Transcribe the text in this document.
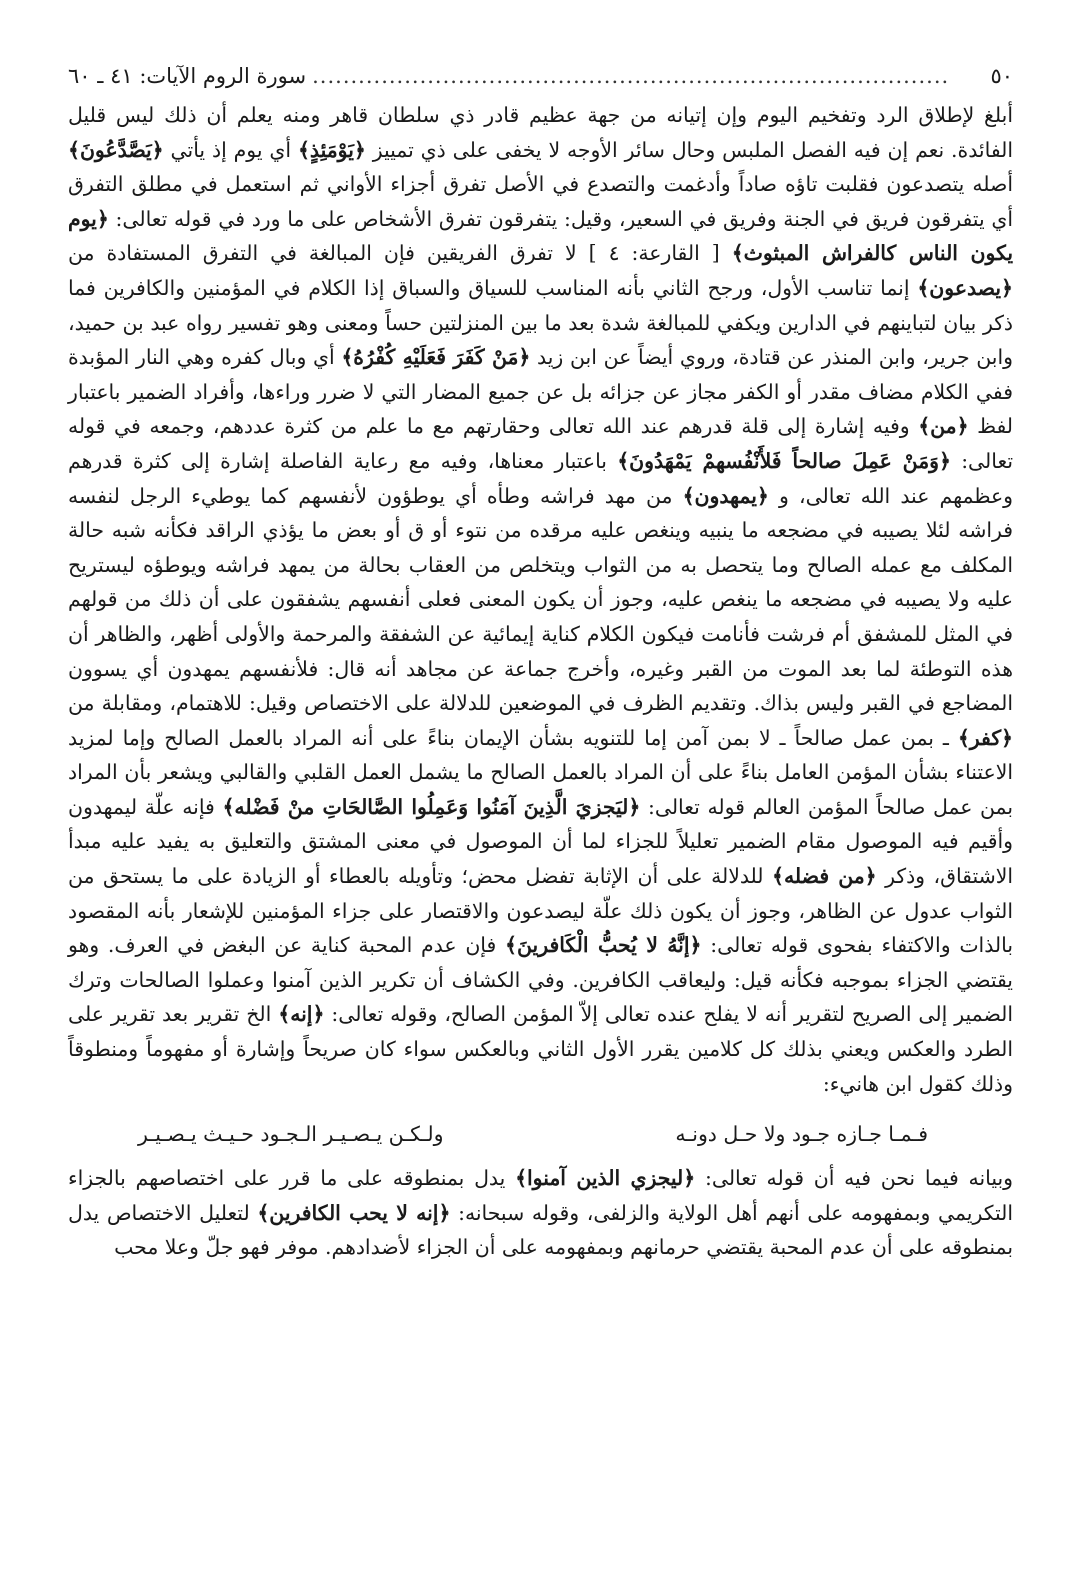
٥٠
...................................................................................
سورة الروم الآيات: ٤١ ـ ٦٠

أبلغ لإطلاق الرد وتفخيم اليوم وإن إتيانه من جهة عظيم قادر ذي سلطان قاهر ومنه يعلم أن ذلك ليس قليل الفائدة. نعم إن فيه الفصل الملبس وحال سائر الأوجه لا يخفى على ذي تمييز ﴿يَوْمَئِذٍ﴾ أي يوم إذ يأتي ﴿يَصَّدَّعُونَ﴾ أصله يتصدعون فقلبت تاؤه صاداً وأدغمت والتصدع في الأصل تفرق أجزاء الأواني ثم استعمل في مطلق التفرق أي يتفرقون فريق في الجنة وفريق في السعير، وقيل: يتفرقون تفرق الأشخاص على ما ورد في قوله تعالى: ﴿يوم يكون الناس كالفراش المبثوث﴾ [ القارعة: ٤ ] لا تفرق الفريقين فإن المبالغة في التفرق المستفادة من ﴿يصدعون﴾ إنما تناسب الأول، ورجح الثاني بأنه المناسب للسياق والسباق إذا الكلام في المؤمنين والكافرين فما ذكر بيان لتباينهم في الدارين ويكفي للمبالغة شدة بعد ما بين المنزلتين حساً ومعنى وهو تفسير رواه عبد بن حميد، وابن جرير، وابن المنذر عن قتادة، وروي أيضاً عن ابن زيد ﴿مَنْ كَفَرَ فَعَلَيْهِ كُفْرُهُ﴾ أي وبال كفره وهي النار المؤبدة ففي الكلام مضاف مقدر أو الكفر مجاز عن جزائه بل عن جميع المضار التي لا ضرر وراءها، وأفراد الضمير باعتبار لفظ ﴿من﴾ وفيه إشارة إلى قلة قدرهم عند الله تعالى وحقارتهم مع ما علم من كثرة عددهم، وجمعه في قوله تعالى: ﴿وَمَنْ عَمِلَ صالحاً فَلأَنْفُسهمْ يَمْهَدُونَ﴾ باعتبار معناها، وفيه مع رعاية الفاصلة إشارة إلى كثرة قدرهم وعظمهم عند الله تعالى، و ﴿يمهدون﴾ من مهد فراشه وطأه أي يوطؤون لأنفسهم كما يوطيء الرجل لنفسه فراشه لئلا يصيبه في مضجعه ما ينبيه وينغص عليه مرقده من نتوء أو ق أو بعض ما يؤذي الراقد فكأنه شبه حالة المكلف مع عمله الصالح وما يتحصل به من الثواب ويتخلص من العقاب بحالة من يمهد فراشه ويوطؤه ليستريح عليه ولا يصيبه في مضجعه ما ينغص عليه، وجوز أن يكون المعنى فعلى أنفسهم يشفقون على أن ذلك من قولهم في المثل للمشفق أم فرشت فأنامت فيكون الكلام كناية إيمائية عن الشفقة والمرحمة والأولى أظهر، والظاهر أن هذه التوطئة لما بعد الموت من القبر وغيره، وأخرج جماعة عن مجاهد أنه قال: فلأنفسهم يمهدون أي يسوون المضاجع في القبر وليس بذاك. وتقديم الظرف في الموضعين للدلالة على الاختصاص وقيل: للاهتمام، ومقابلة من ﴿كفر﴾ ـ بمن عمل صالحاً ـ لا بمن آمن إما للتنويه بشأن الإيمان بناءً على أنه المراد بالعمل الصالح وإما لمزيد الاعتناء بشأن المؤمن العامل بناءً على أن المراد بالعمل الصالح ما يشمل العمل القلبي والقالبي ويشعر بأن المراد بمن عمل صالحاً المؤمن العالم قوله تعالى: ﴿ليَجزيَ الَّذِينَ آمَنُوا وَعَمِلُوا الصَّالحَاتِ منْ فَضْله﴾ فإنه علّة ليمهدون وأقيم فيه الموصول مقام الضمير تعليلاً للجزاء لما أن الموصول في معنى المشتق والتعليق به يفيد عليه مبدأ الاشتقاق، وذكر ﴿من فضله﴾ للدلالة على أن الإثابة تفضل محض؛ وتأويله بالعطاء أو الزيادة على ما يستحق من الثواب عدول عن الظاهر، وجوز أن يكون ذلك علّة ليصدعون والاقتصار على جزاء المؤمنين للإشعار بأنه المقصود بالذات والاكتفاء بفحوى قوله تعالى: ﴿إنَّهُ لا يُحبُّ الْكَافرينَ﴾ فإن عدم المحبة كناية عن البغض في العرف. وهو يقتضي الجزاء بموجبه فكأنه قيل: وليعاقب الكافرين. وفي الكشاف أن تكرير الذين آمنوا وعملوا الصالحات وترك الضمير إلى الصريح لتقرير أنه لا يفلح عنده تعالى إلاّ المؤمن الصالح، وقوله تعالى: ﴿إنه﴾ الخ تقرير بعد تقرير على الطرد والعكس ويعني بذلك كل كلامين يقرر الأول الثاني وبالعكس سواء كان صريحاً وإشارة أو مفهوماً ومنطوقاً وذلك كقول ابن هانيء:

فـمـا جـازه جـود ولا حـل دونـه
ولـكـن يـصـيـر الـجـود حـيـث يـصـيـر

وبيانه فيما نحن فيه أن قوله تعالى: ﴿ليجزي الذين آمنوا﴾ يدل بمنطوقه على ما قرر على اختصاصهم بالجزاء التكريمي وبمفهومه على أنهم أهل الولاية والزلفى، وقوله سبحانه: ﴿إنه لا يحب الكافرين﴾ لتعليل الاختصاص يدل بمنطوقه على أن عدم المحبة يقتضي حرمانهم وبمفهومه على أن الجزاء لأضدادهم. موفر فهو جلّ وعلا محب
